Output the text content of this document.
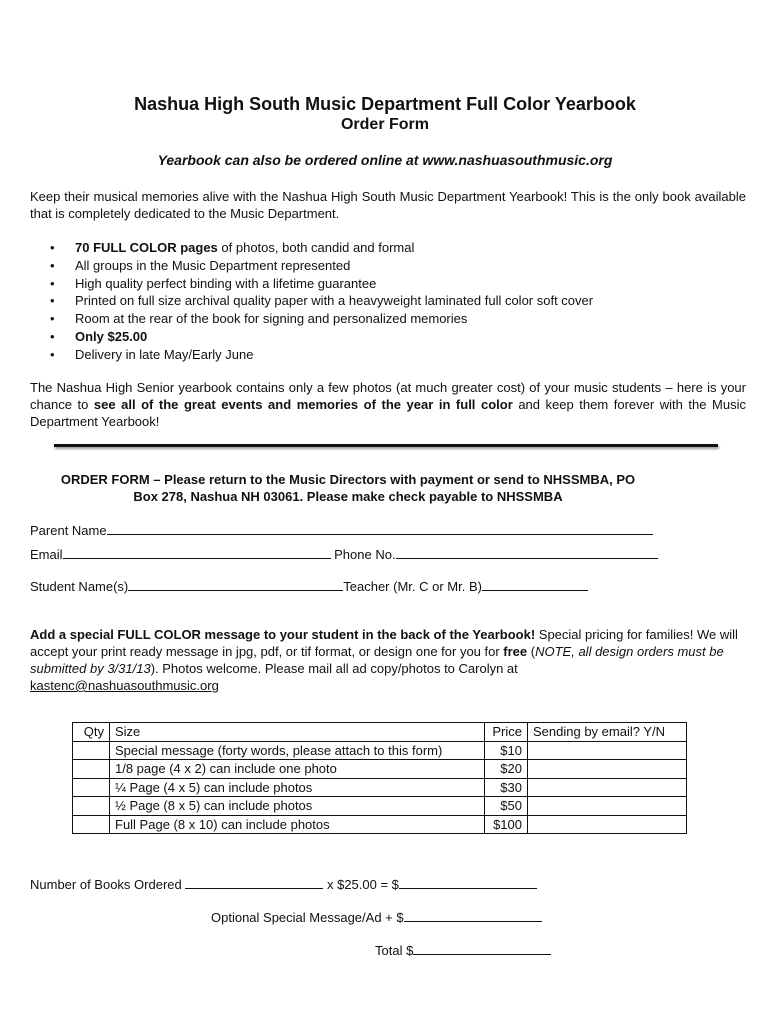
Nashua High South Music Department Full Color Yearbook
Order Form
Yearbook can also be ordered online at www.nashuasouthmusic.org
Keep their musical memories alive with the Nashua High South Music Department Yearbook! This is the only book available that is completely dedicated to the Music Department.
• 70 FULL COLOR pages of photos, both candid and formal
• All groups in the Music Department represented
• High quality perfect binding with a lifetime guarantee
• Printed on full size archival quality paper with a heavyweight laminated full color soft cover
• Room at the rear of the book for signing and personalized memories
• Only $25.00
• Delivery in late May/Early June
The Nashua High Senior yearbook contains only a few photos (at much greater cost) of your music students – here is your chance to see all of the great events and memories of the year in full color and keep them forever with the Music Department Yearbook!
ORDER FORM – Please return to the Music Directors with payment or send to NHSSMBA, PO
Box 278, Nashua NH 03061. Please make check payable to NHSSMBA
Parent Name
Email	Phone No.
Student Name(s)	Teacher (Mr. C or Mr. B)
Add a special FULL COLOR message to your student in the back of the Yearbook! Special pricing for families! We will accept your print ready message in jpg, pdf, or tif format, or design one for you for free (NOTE, all design orders must be submitted by 3/31/13). Photos welcome. Please mail all ad copy/photos to Carolyn at
kastenc@nashuasouthmusic.org
Qty	Size	Price	Sending by email? Y/N
	Special message (forty words, please attach to this form)	$10	
	1/8 page (4 x 2) can include one photo	$20	
	¼ Page (4 x 5) can include photos	$30	
	½ Page (8 x 5) can include photos	$50	
	Full Page (8 x 10) can include photos	$100	
Number of Books Ordered	x $25.00 = $
Optional Special Message/Ad + $
Total $
